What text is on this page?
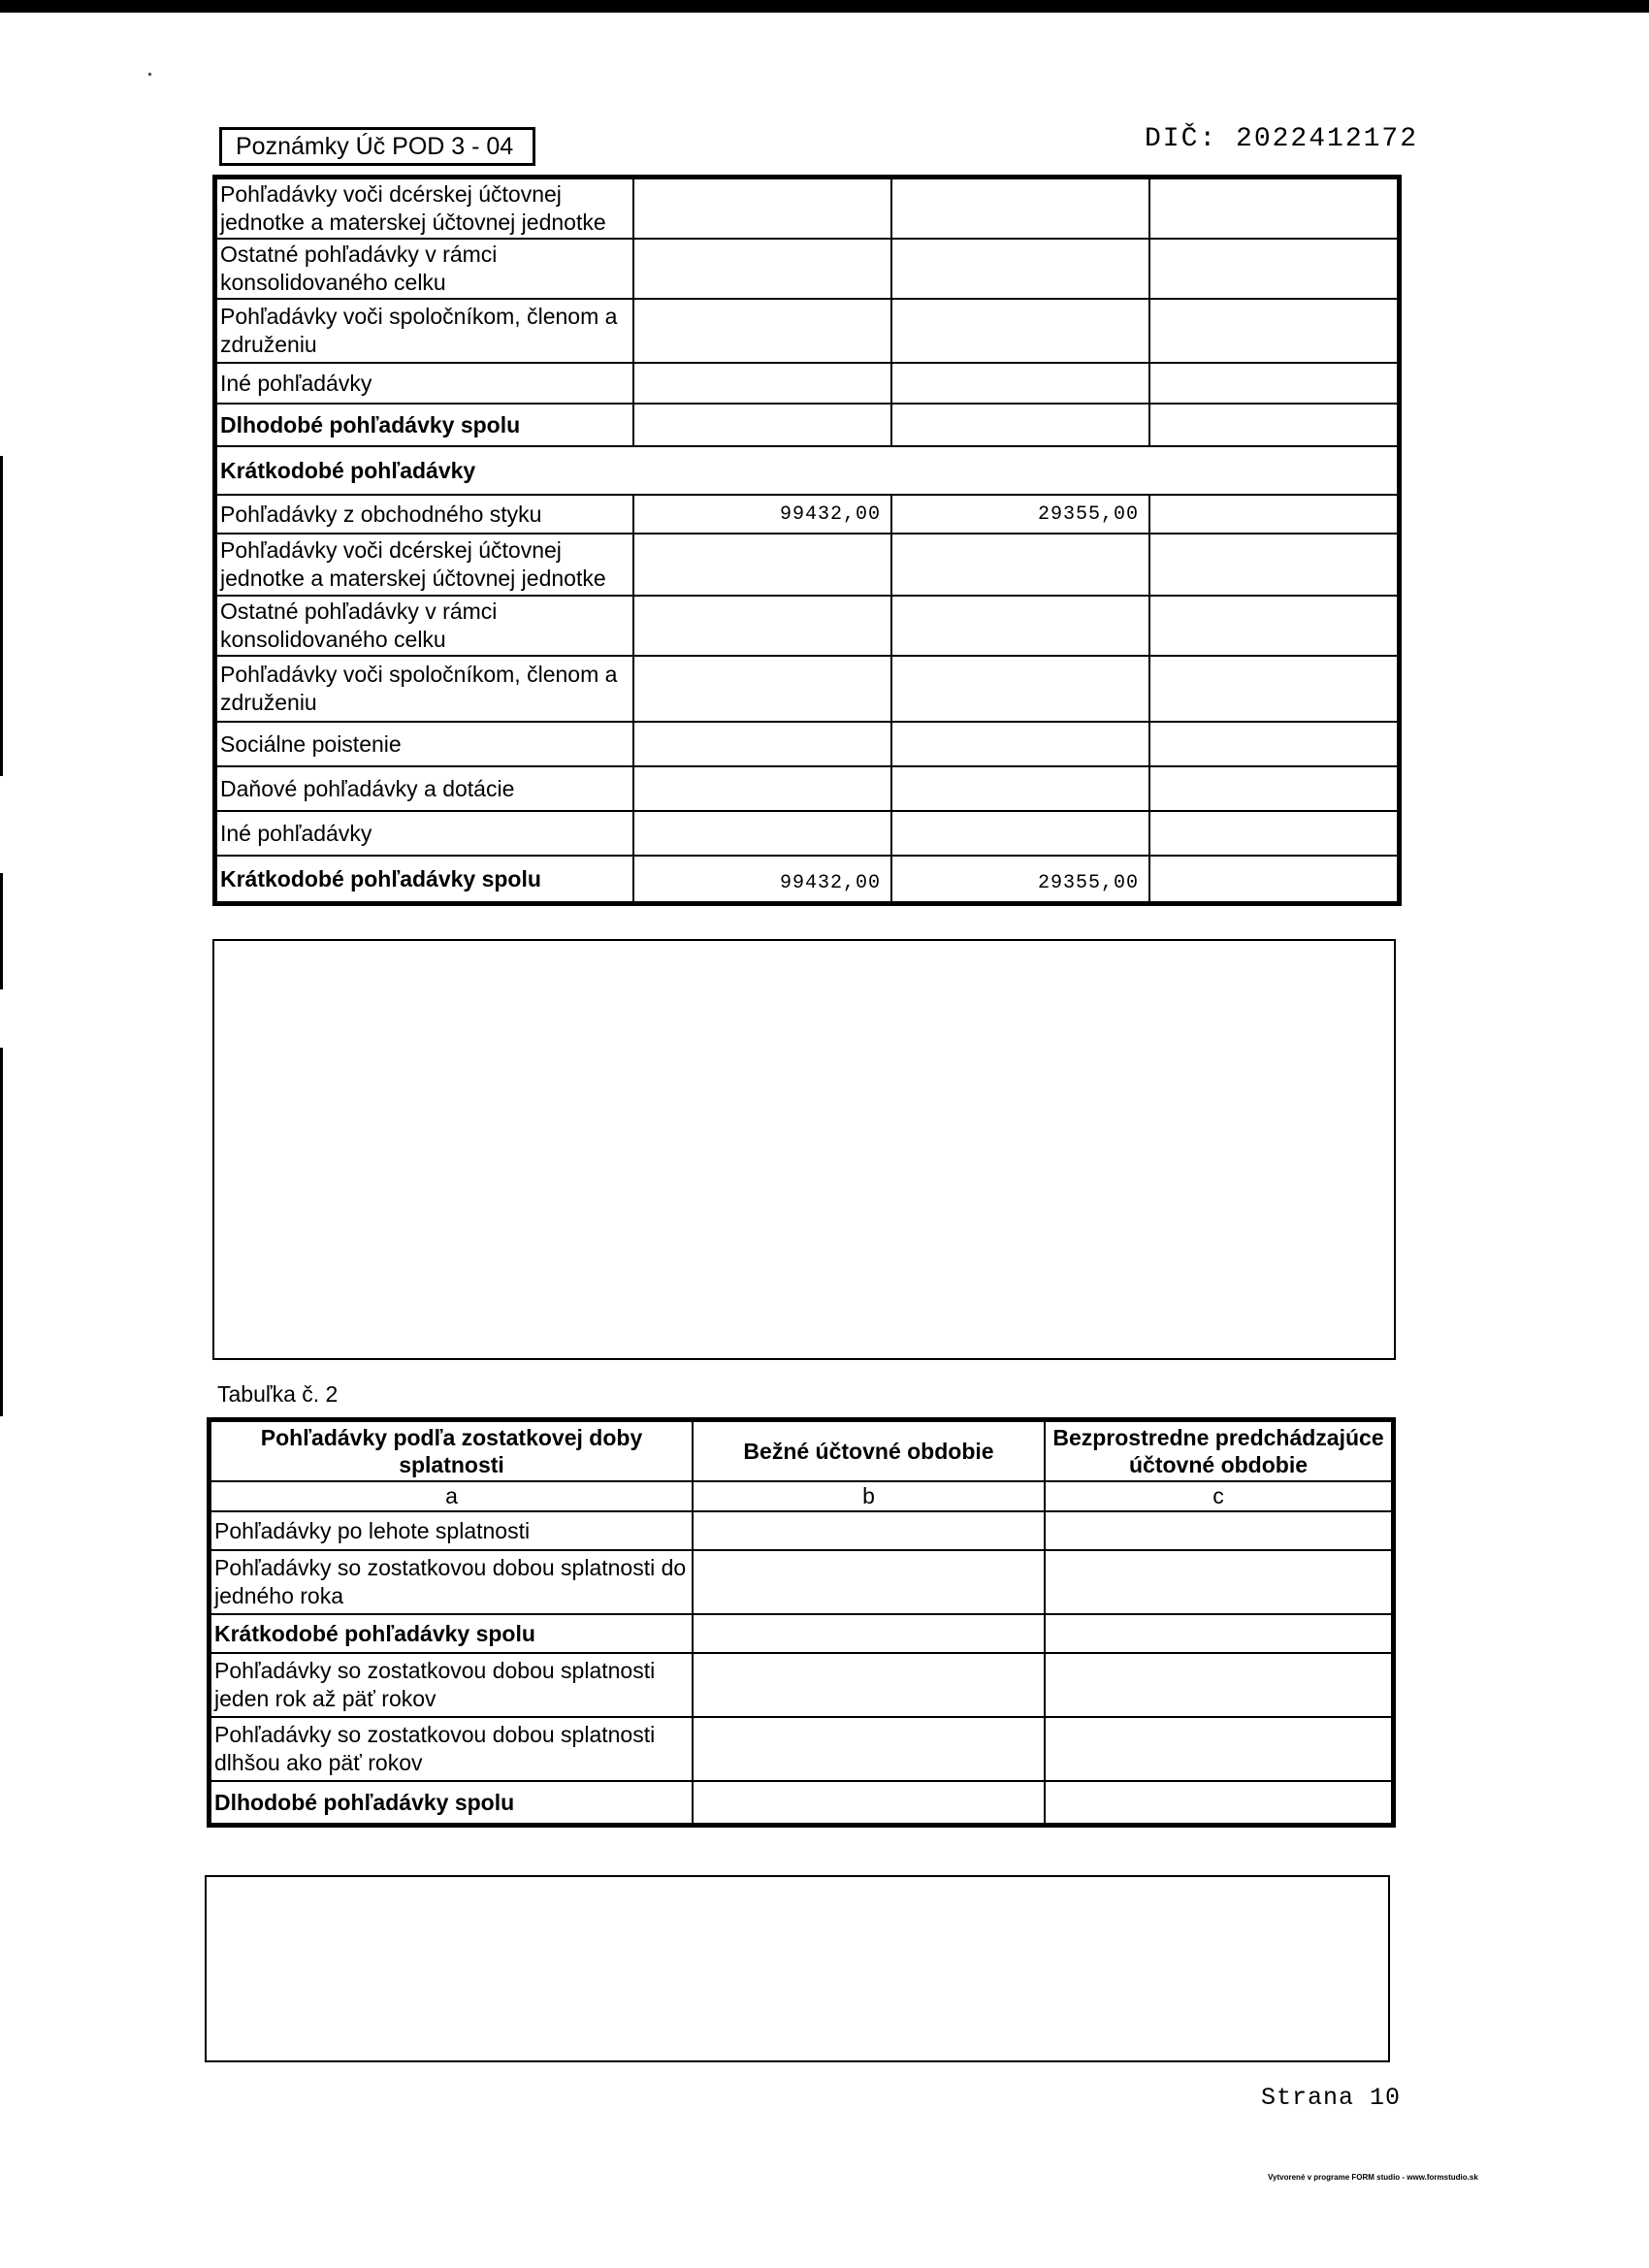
Poznámky Úč POD 3 - 04	DIČ: 2022412172
Pohľadávky voči dcérskej účtovnej jednotke a materskej účtovnej jednotke			
Ostatné pohľadávky v rámci konsolidovaného celku			
Pohľadávky voči spoločníkom, členom a združeniu			
Iné pohľadávky			
Dlhodobé pohľadávky spolu			
Krátkodobé pohľadávky			
Pohľadávky z obchodného styku	99432,00	29355,00	
Pohľadávky voči dcérskej účtovnej jednotke a materskej účtovnej jednotke			
Ostatné pohľadávky v rámci konsolidovaného celku			
Pohľadávky voči spoločníkom, členom a združeniu			
Sociálne poistenie			
Daňové pohľadávky a dotácie			
Iné pohľadávky			
Krátkodobé pohľadávky spolu	99432,00	29355,00	
Tabuľka č. 2
Pohľadávky podľa zostatkovej doby splatnosti	Bežné účtovné obdobie	Bezprostredne predchádzajúce účtovné obdobie
a	b	c
Pohľadávky po lehote splatnosti		
Pohľadávky so zostatkovou dobou splatnosti do jedného roka		
Krátkodobé pohľadávky spolu		
Pohľadávky so zostatkovou dobou splatnosti jeden rok až päť rokov		
Pohľadávky so zostatkovou dobou splatnosti dlhšou ako päť rokov		
Dlhodobé pohľadávky spolu		
Strana 10
Vytvorené v programe FORM studio - www.formstudio.sk
